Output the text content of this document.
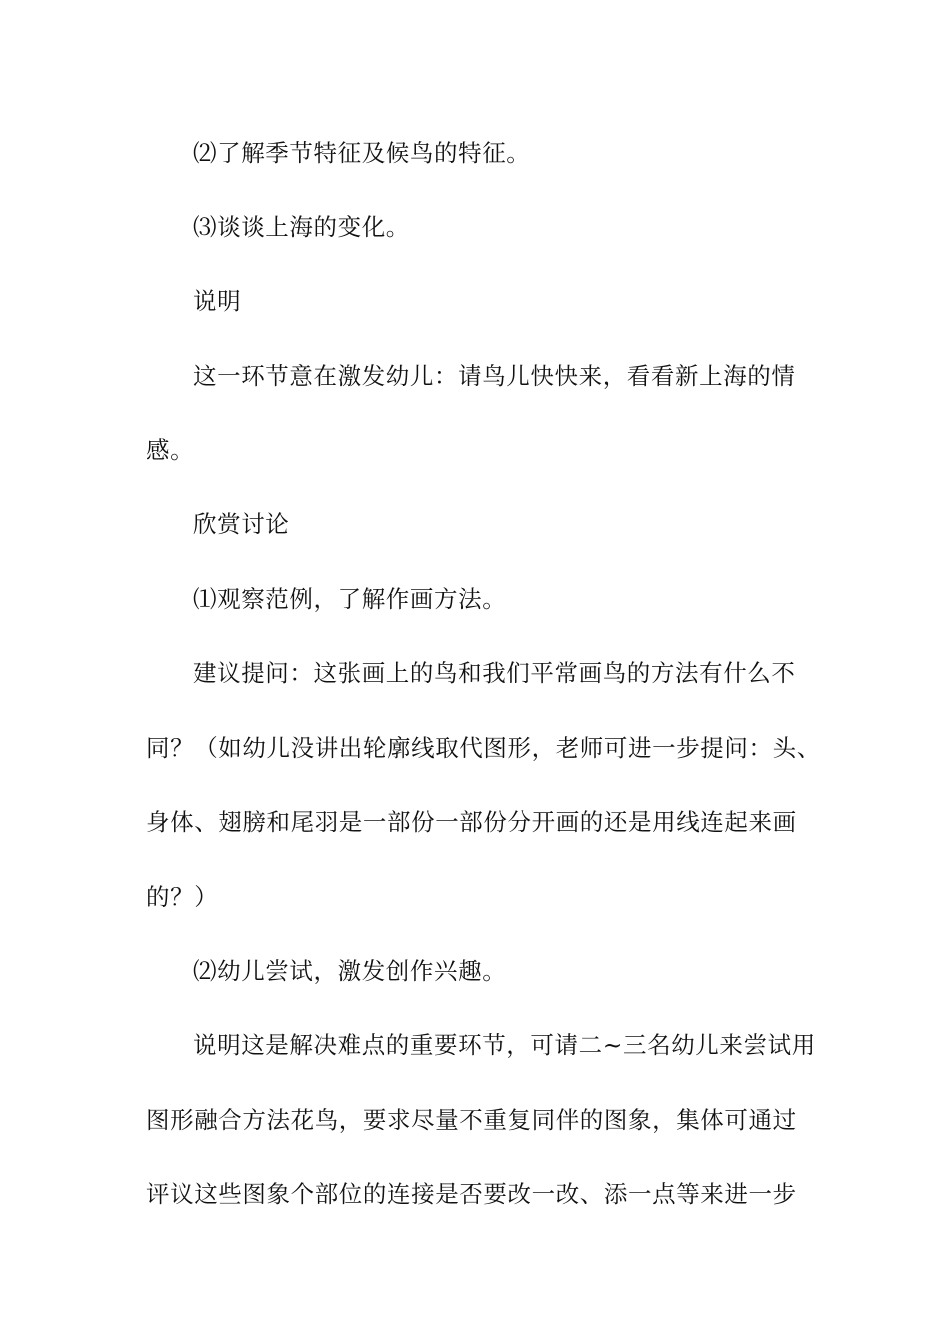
⑵了解季节特征及候鸟的特征。
⑶谈谈上海的变化。
说明
这一环节意在激发幼儿：请鸟儿快快来，看看新上海的情
感。
欣赏讨论
⑴观察范例，了解作画方法。
建议提问：这张画上的鸟和我们平常画鸟的方法有什么不
同？（如幼儿没讲出轮廓线取代图形，老师可进一步提问：头、
身体、翅膀和尾羽是一部份一部份分开画的还是用线连起来画
的？）
⑵幼儿尝试，激发创作兴趣。
说明这是解决难点的重要环节，可请二~三名幼儿来尝试用
图形融合方法花鸟，要求尽量不重复同伴的图象，集体可通过
评议这些图象个部位的连接是否要改一改、添一点等来进一步
